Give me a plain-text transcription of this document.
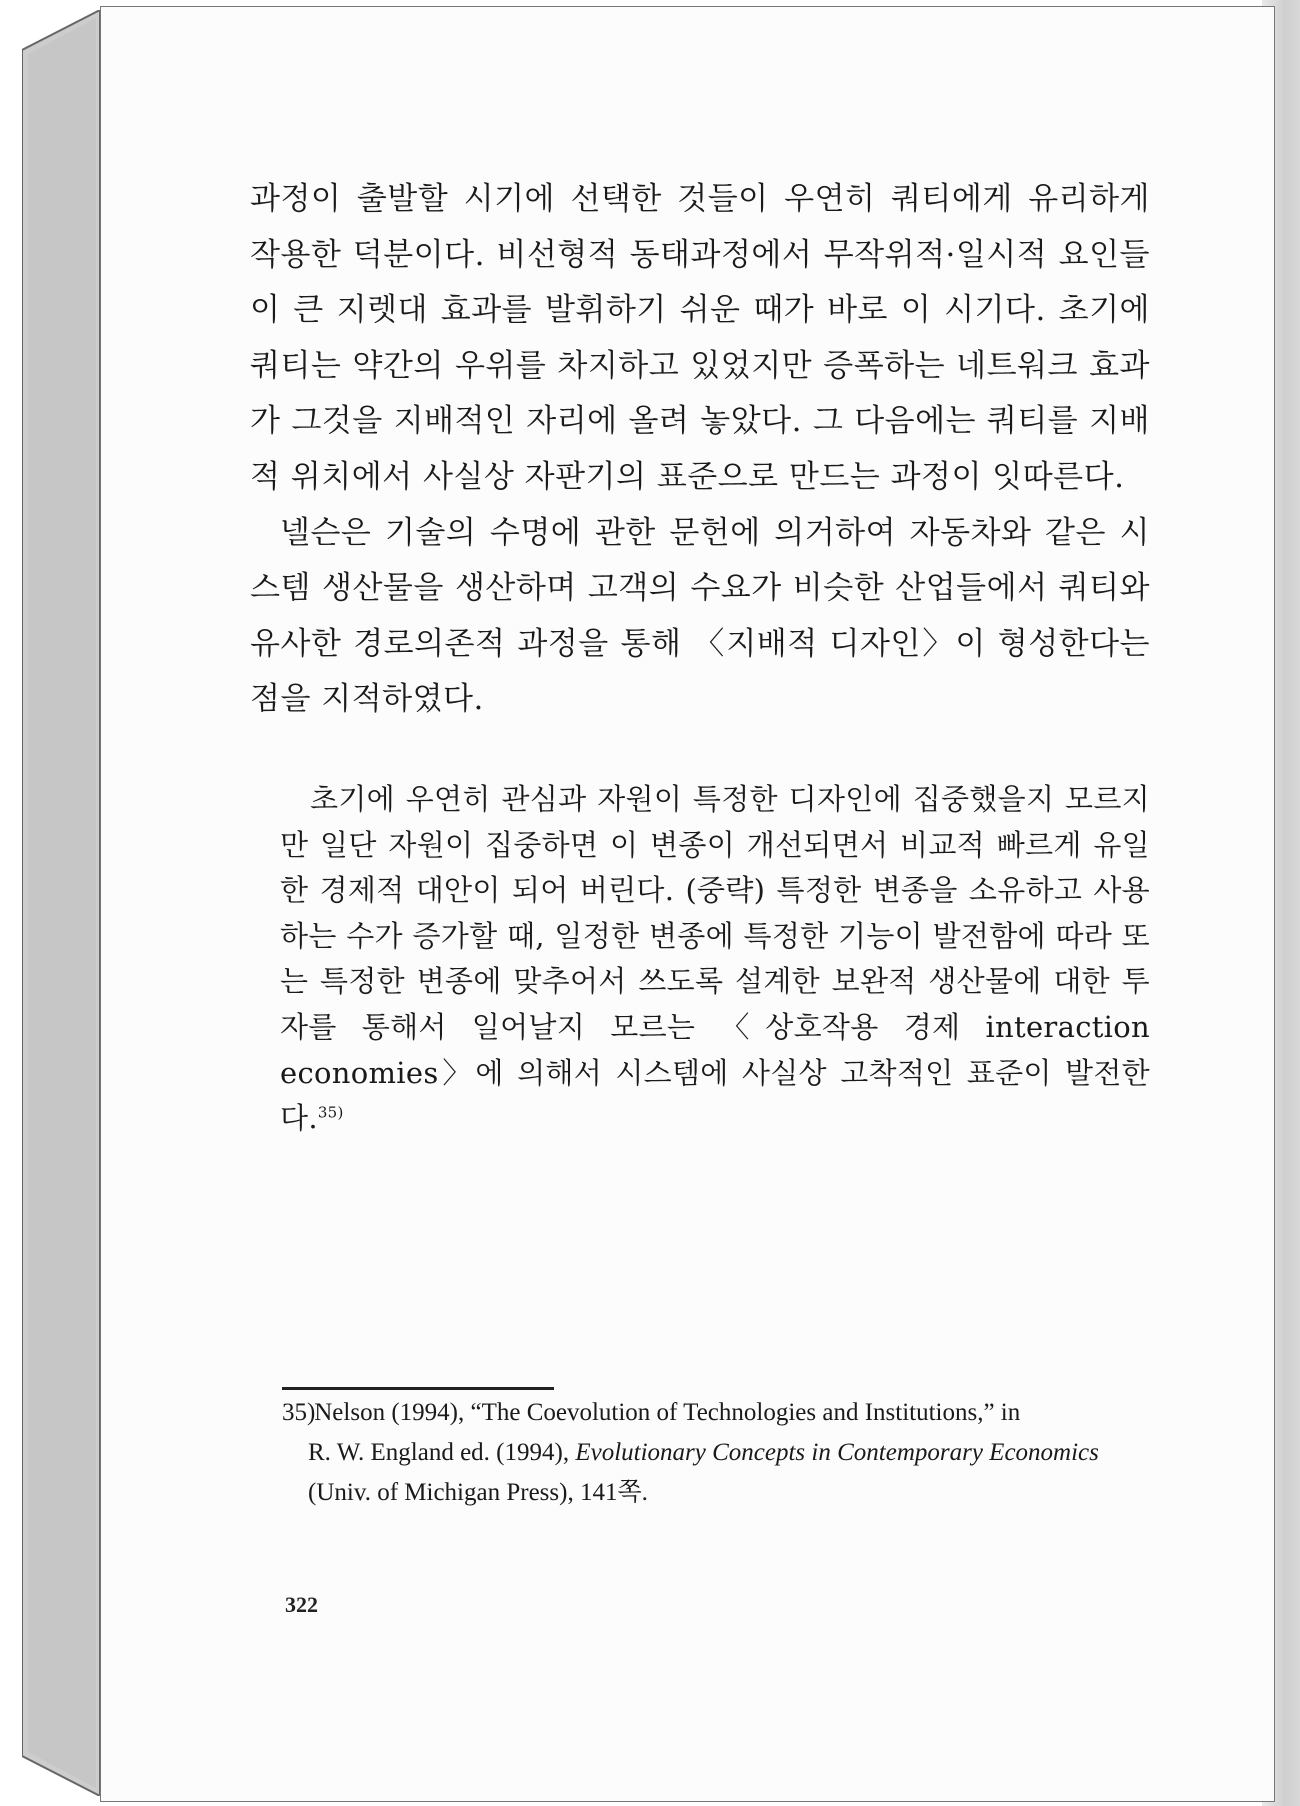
과정이 출발할 시기에 선택한 것들이 우연히 쿼티에게 유리하게 작용한 덕분이다. 비선형적 동태과정에서 무작위적·일시적 요인들이 큰 지렛대 효과를 발휘하기 쉬운 때가 바로 이 시기다. 초기에 쿼티는 약간의 우위를 차지하고 있었지만 증폭하는 네트워크 효과가 그것을 지배적인 자리에 올려 놓았다. 그 다음에는 쿼티를 지배적 위치에서 사실상 자판기의 표준으로 만드는 과정이 잇따른다.

넬슨은 기술의 수명에 관한 문헌에 의거하여 자동차와 같은 시스템 생산물을 생산하며 고객의 수요가 비슷한 산업들에서 쿼티와 유사한 경로의존적 과정을 통해 〈지배적 디자인〉이 형성한다는 점을 지적하였다.

초기에 우연히 관심과 자원이 특정한 디자인에 집중했을지 모르지만 일단 자원이 집중하면 이 변종이 개선되면서 비교적 빠르게 유일한 경제적 대안이 되어 버린다. (중략) 특정한 변종을 소유하고 사용하는 수가 증가할 때, 일정한 변종에 특정한 기능이 발전함에 따라 또는 특정한 변종에 맞추어서 쓰도록 설계한 보완적 생산물에 대한 투자를 통해서 일어날지 모르는 〈상호작용 경제 interaction economies〉에 의해서 시스템에 사실상 고착적인 표준이 발전한다.$^{35)}$

35) Nelson (1994), “The Coevolution of Technologies and Institutions,” in
R. W. England ed. (1994), Evolutionary Concepts in Contemporary Economics (Univ. of Michigan Press), 141쪽.
322
